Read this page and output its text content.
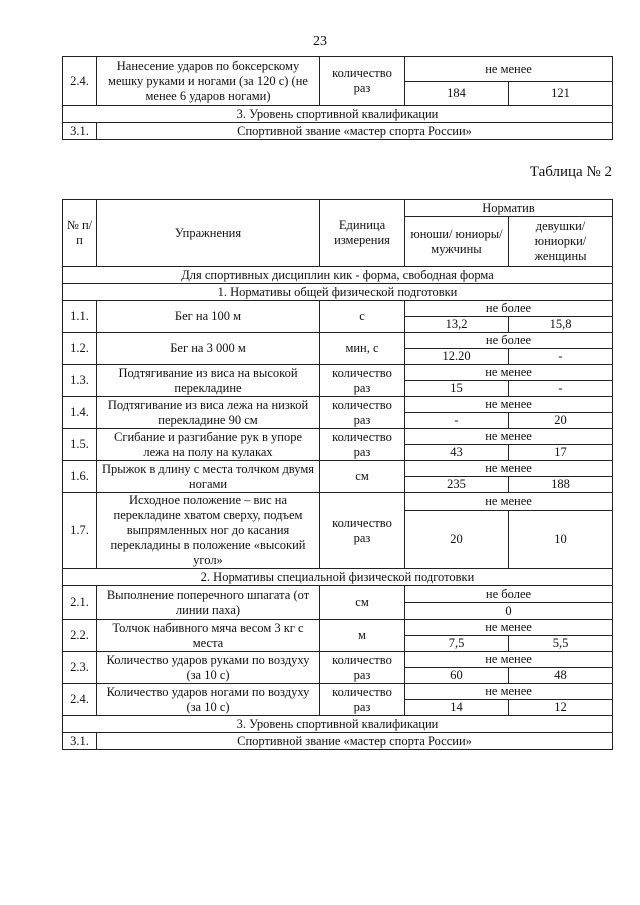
23
2.4.	Нанесение ударов по боксерскому мешку руками и ногами (за 120 с) (не менее 6 ударов ногами)	количество раз	не менее	
			184	121
3. Уровень спортивной квалификации				
3.1.	Спортивной звание «мастер спорта России»			
Таблица № 2
№ п/п	Упражнения	Единица измерения	Норматив	
			юноши/ юниоры/ мужчины	девушки/ юниорки/ женщины
Для спортивных дисциплин кик - форма, свободная форма				
1. Нормативы общей физической подготовки				
1.1.	Бег на 100 м	с	не более	
			13,2	15,8
1.2.	Бег на 3 000 м	мин, с	не более	
			12.20	-
1.3.	Подтягивание из виса на высокой перекладине	количество раз	не менее	
			15	-
1.4.	Подтягивание из виса лежа на низкой перекладине 90 см	количество раз	не менее	
			-	20
1.5.	Сгибание и разгибание рук в упоре лежа на полу на кулаках	количество раз	не менее	
			43	17
1.6.	Прыжок в длину с места толчком двумя ногами	см	не менее	
			235	188
1.7.	Исходное положение – вис на перекладине хватом сверху, подъем выпрямленных ног до касания перекладины в положение «высокий угол»	количество раз	не менее	
			20	10
2. Нормативы специальной физической подготовки				
2.1.	Выполнение поперечного шпагата (от линии паха)	см	не более	
			0	
2.2.	Толчок набивного мяча весом 3 кг с места	м	не менее	
			7,5	5,5
2.3.	Количество ударов руками по воздуху (за 10 с)	количество раз	не менее	
			60	48
2.4.	Количество ударов ногами по воздуху (за 10 с)	количество раз	не менее	
			14	12
3. Уровень спортивной квалификации				
3.1.	Спортивной звание «мастер спорта России»			
